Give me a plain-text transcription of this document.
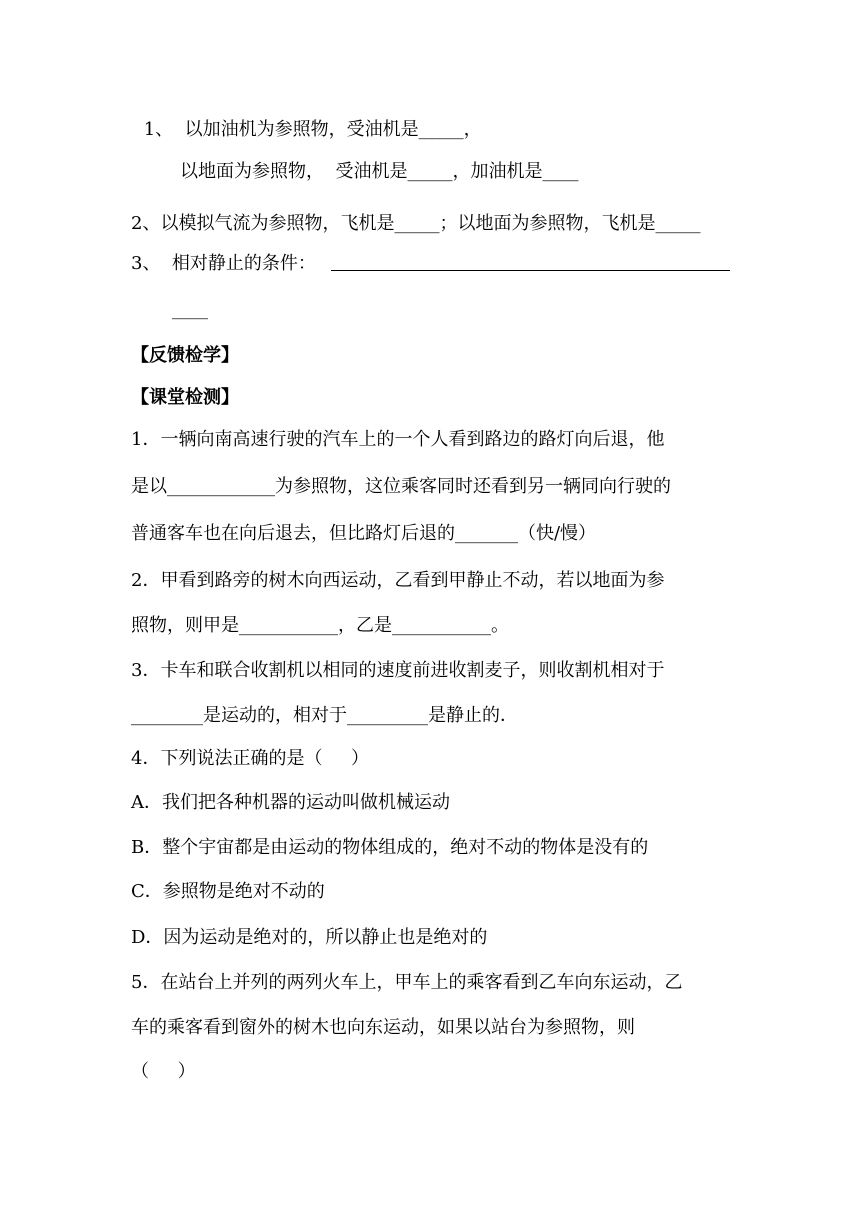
1、  以加油机为参照物，受油机是_____，
以地面为参照物，  受油机是_____，加油机是____
2、以模拟气流为参照物，飞机是_____；以地面为参照物，飞机是_____
3、  相对静止的条件：
____
【反馈检学】
【课堂检测】
1．一辆向南高速行驶的汽车上的一个人看到路边的路灯向后退，他
是以____________为参照物，这位乘客同时还看到另一辆同向行驶的
普通客车也在向后退去，但比路灯后退的_______（快/慢）
2．甲看到路旁的树木向西运动，乙看到甲静止不动，若以地面为参
照物，则甲是___________，乙是___________。
3．卡车和联合收割机以相同的速度前进收割麦子，则收割机相对于
________是运动的，相对于_________是静止的．
4．下列说法正确的是（     ）
A．我们把各种机器的运动叫做机械运动
B．整个宇宙都是由运动的物体组成的，绝对不动的物体是没有的
C．参照物是绝对不动的
D．因为运动是绝对的，所以静止也是绝对的
5．在站台上并列的两列火车上，甲车上的乘客看到乙车向东运动，乙
车的乘客看到窗外的树木也向东运动，如果以站台为参照物，则
（     ）
